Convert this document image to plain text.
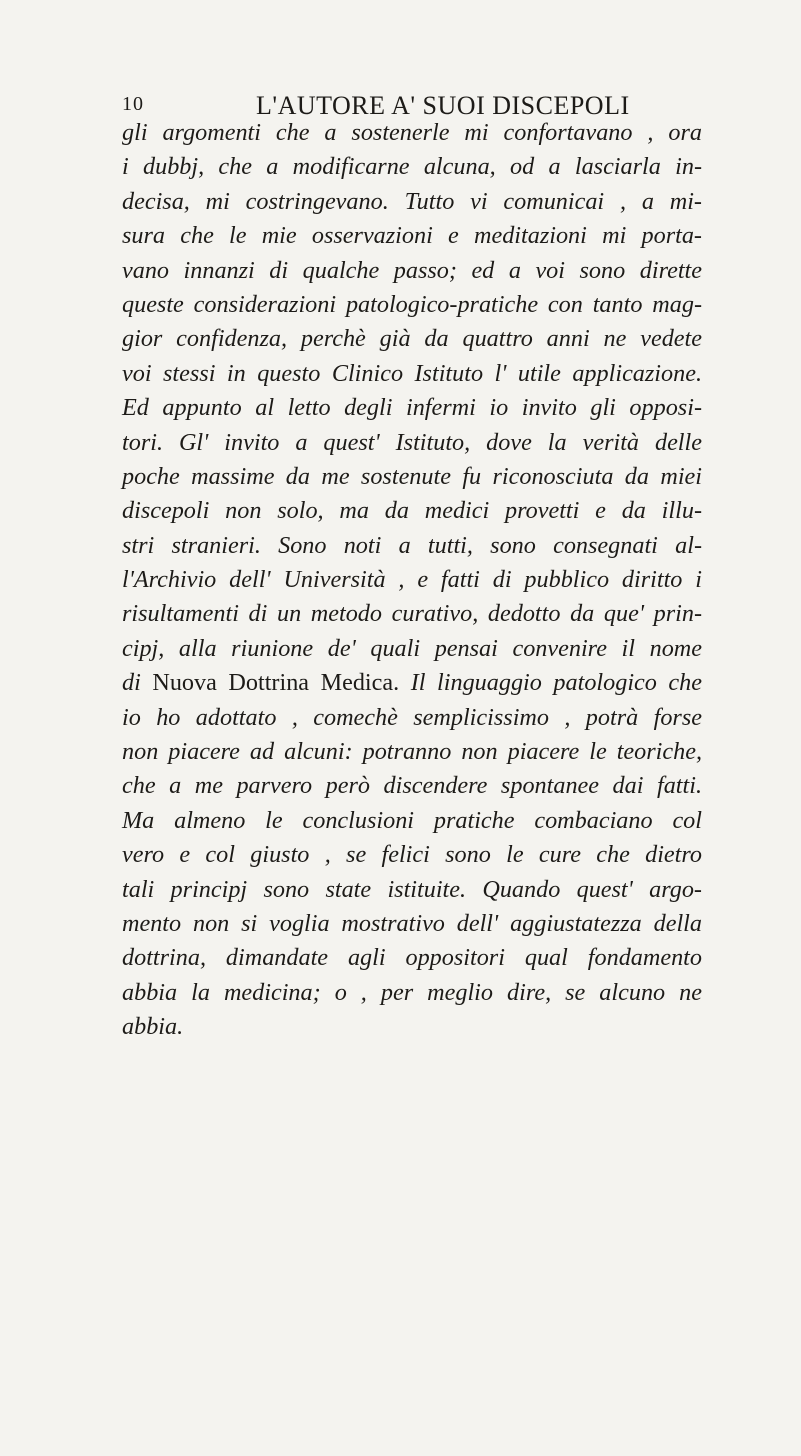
10	L'AUTORE A' SUOI DISCEPOLI
gli argomenti che a sostenerle mi confortavano , ora
i dubbj, che a modificarne alcuna, od a lasciarla in-
decisa, mi costringevano. Tutto vi comunicai , a mi-
sura che le mie osservazioni e meditazioni mi porta-
vano innanzi di qualche passo; ed a voi sono dirette
queste considerazioni patologico-pratiche con tanto mag-
gior confidenza, perchè già da quattro anni ne vedete
voi stessi in questo Clinico Istituto l' utile applicazione.
Ed appunto al letto degli infermi io invito gli opposi-
tori. Gl' invito a quest' Istituto, dove la verità delle
poche massime da me sostenute fu riconosciuta da miei
discepoli non solo, ma da medici provetti e da illu-
stri stranieri. Sono noti a tutti, sono consegnati al-
l'Archivio dell' Università , e fatti di pubblico diritto i
risultamenti di un metodo curativo, dedotto da que' prin-
cipj, alla riunione de' quali pensai convenire il nome
di Nuova Dottrina Medica. Il linguaggio patologico che
io ho adottato , comechè semplicissimo , potrà forse
non piacere ad alcuni: potranno non piacere le teoriche,
che a me parvero però discendere spontanee dai fatti.
Ma almeno le conclusioni pratiche combaciano col
vero e col giusto , se felici sono le cure che dietro
tali principj sono state istituite. Quando quest' argo-
mento non si voglia mostrativo dell' aggiustatezza della
dottrina, dimandate agli oppositori qual fondamento
abbia la medicina; o , per meglio dire, se alcuno ne
abbia.
